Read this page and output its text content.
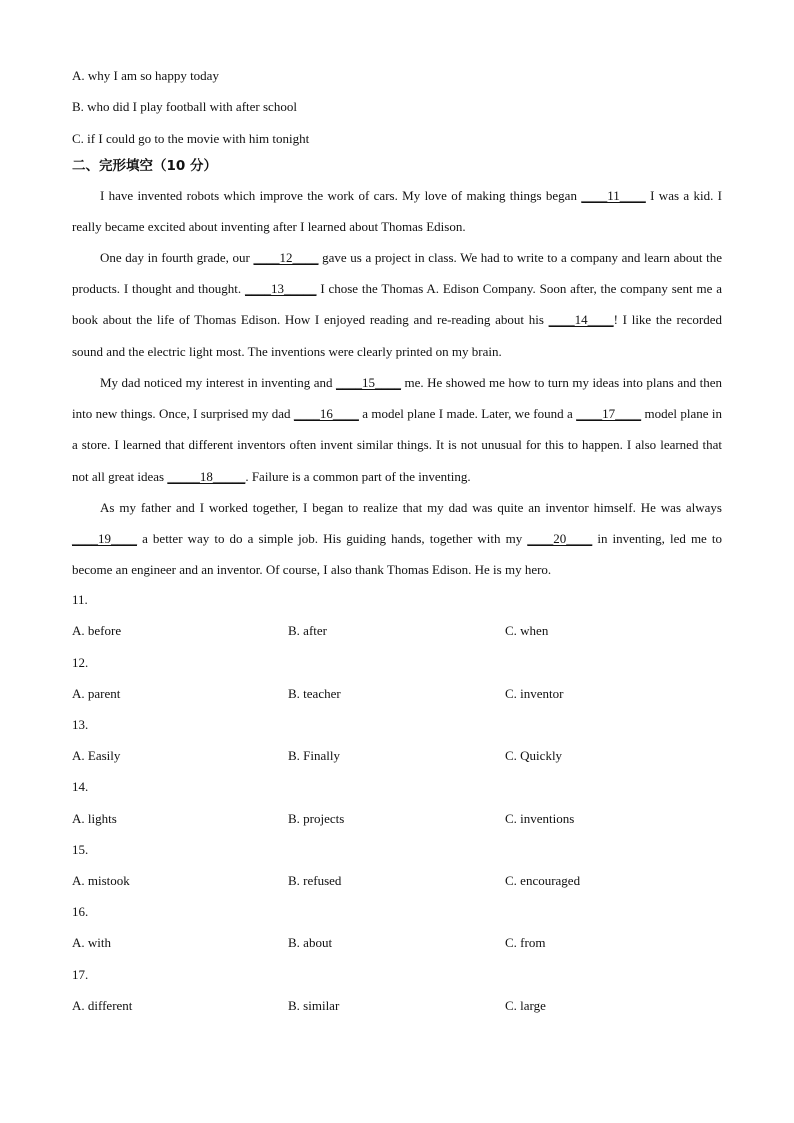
A. why I am so happy today
B. who did I play football with after school
C. if I could go to the movie with him tonight
二、完形填空（10 分）
I have invented robots which improve the work of cars. My love of making things began ____11____ I was a kid. I really became excited about inventing after I learned about Thomas Edison.
One day in fourth grade, our ____12____ gave us a project in class. We had to write to a company and learn about the products. I thought and thought. ____13_____ I chose the Thomas A. Edison Company. Soon after, the company sent me a book about the life of Thomas Edison. How I enjoyed reading and re-reading about his ____14____! I like the recorded sound and the electric light most. The inventions were clearly printed on my brain.
My dad noticed my interest in inventing and ____15____ me. He showed me how to turn my ideas into plans and then into new things. Once, I surprised my dad ____16____ a model plane I made. Later, we found a ____17____ model plane in a store. I learned that different inventors often invent similar things. It is not unusual for this to happen. I also learned that not all great ideas _____18_____. Failure is a common part of the inventing.
As my father and I worked together, I began to realize that my dad was quite an inventor himself. He was always ____19____ a better way to do a simple job. His guiding hands, together with my ____20____ in inventing, led me to become an engineer and an inventor. Of course, I also thank Thomas Edison. He is my hero.
11.
A. before	B. after	C. when
12.
A. parent	B. teacher	C. inventor
13.
A. Easily	B. Finally	C. Quickly
14.
A. lights	B. projects	C. inventions
15.
A. mistook	B. refused	C. encouraged
16.
A. with	B. about	C. from
17.
A. different	B. similar	C. large
